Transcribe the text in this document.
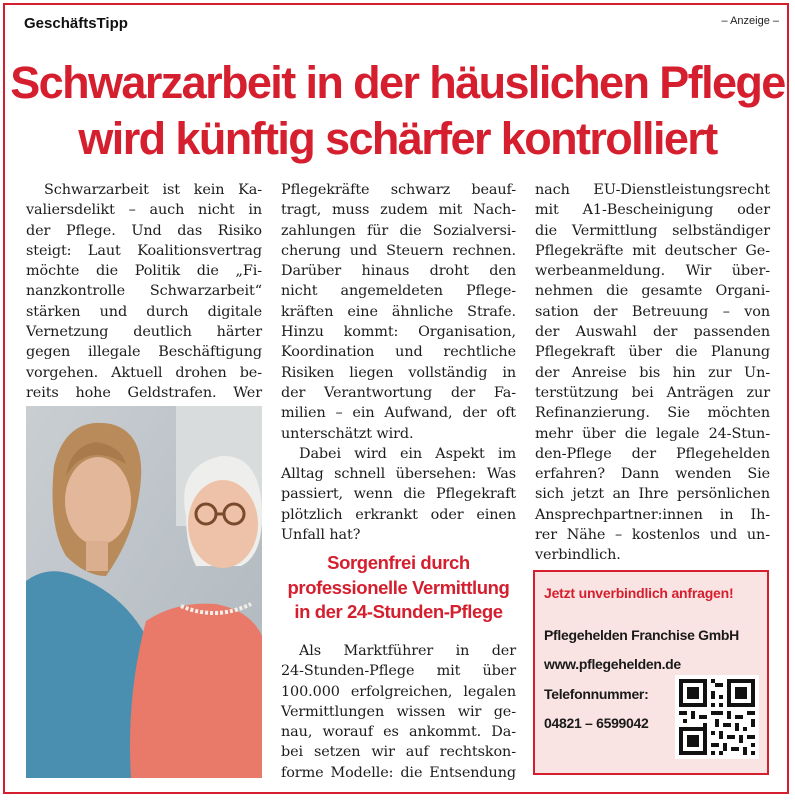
GeschäftsTipp	– Anzeige –
Schwarzarbeit in der häuslichen Pflege
wird künftig schärfer kontrolliert
Schwarzarbeit ist kein Ka-
valiersdelikt – auch nicht in
der Pflege. Und das Risiko
steigt: Laut Koalitionsvertrag
möchte die Politik die „Fi-
nanzkontrolle Schwarzarbeit“
stärken und durch digitale
Vernetzung deutlich härter
gegen illegale Beschäftigung
vorgehen. Aktuell drohen be-
reits hohe Geldstrafen. Wer
Pflegekräfte schwarz beauf-
tragt, muss zudem mit Nach-
zahlungen für die Sozialversi-
cherung und Steuern rechnen.
Darüber hinaus droht den
nicht angemeldeten Pflege-
kräften eine ähnliche Strafe.
Hinzu kommt: Organisation,
Koordination und rechtliche
Risiken liegen vollständig in
der Verantwortung der Fa-
milien – ein Aufwand, der oft
unterschätzt wird.
Dabei wird ein Aspekt im
Alltag schnell übersehen: Was
passiert, wenn die Pflegekraft
plötzlich erkrankt oder einen
Unfall hat?
Sorgenfrei durch
professionelle Vermittlung
in der 24-Stunden-Pflege
Als Marktführer in der
24-Stunden-Pflege mit über
100.000 erfolgreichen, legalen
Vermittlungen wissen wir ge-
nau, worauf es ankommt. Da-
bei setzen wir auf rechtskon-
forme Modelle: die Entsendung
nach EU-Dienstleistungsrecht
mit A1-Bescheinigung oder
die Vermittlung selbständiger
Pflegekräfte mit deutscher Ge-
werbeanmeldung. Wir über-
nehmen die gesamte Organi-
sation der Betreuung – von
der Auswahl der passenden
Pflegekraft über die Planung
der Anreise bis hin zur Un-
terstützung bei Anträgen zur
Refinanzierung. Sie möchten
mehr über die legale 24-Stun-
den-Pflege der Pflegehelden
erfahren? Dann wenden Sie
sich jetzt an Ihre persönlichen
Ansprechpartner:innen in Ih-
rer Nähe – kostenlos und un-
verbindlich.
Jetzt unverbindlich anfragen!
Pflegehelden Franchise GmbH
www.pflegehelden.de
Telefonnummer:
04821 – 6599042
